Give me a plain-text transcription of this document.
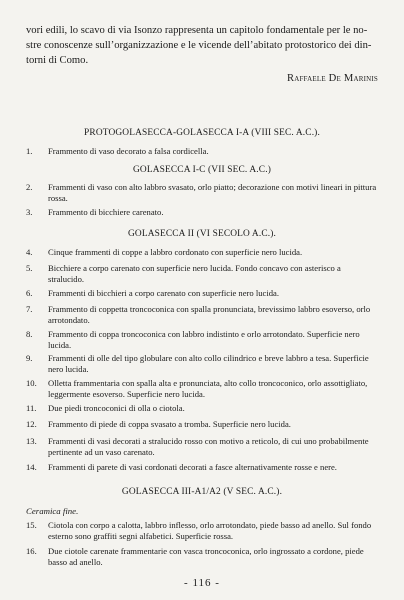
vori edili, lo scavo di via Isonzo rappresenta un capitolo fondamentale per le no-
stre conoscenze sull’organizzazione e le vicende dell’abitato protostorico dei din-
torni di Como.
Raffaele De Marinis
PROTOGOLASECCA-GOLASECCA I-A (VIII SEC. A.C.).
1.	Frammento di vaso decorato a falsa cordicella.
GOLASECCA I-C (VII SEC. A.C.)
2.	Frammenti di vaso con alto labbro svasato, orlo piatto; decorazione con motivi lineari in pittura rossa.
3.	Frammento di bicchiere carenato.
GOLASECCA II (VI SECOLO A.C.).
4.	Cinque frammenti di coppe a labbro cordonato con superficie nero lucida.
5.	Bicchiere a corpo carenato con superficie nero lucida. Fondo concavo con asterisco a stralucido.
6.	Frammenti di bicchieri a corpo carenato con superficie nero lucida.
7.	Frammento di coppetta troncoconica con spalla pronunciata, brevissimo labbro esoverso, orlo arrotondato.
8.	Frammento di coppa troncoconica con labbro indistinto e orlo arrotondato. Superficie nero lucida.
9.	Frammenti di olle del tipo globulare con alto collo cilindrico e breve labbro a tesa. Superficie nero lucida.
10.	Olletta frammentaria con spalla alta e pronunciata, alto collo troncoconico, orlo assottigliato, leggermente esoverso. Superficie nero lucida.
11.	Due piedi troncoconici di olla o ciotola.
12.	Frammento di piede di coppa svasato a tromba. Superficie nero lucida.
13.	Frammenti di vasi decorati a stralucido rosso con motivo a reticolo, di cui uno probabilmente pertinente ad un vaso carenato.
14.	Frammenti di parete di vasi cordonati decorati a fasce alternativamente rosse e nere.
GOLASECCA III-A1/A2 (V SEC. A.C.).
Ceramica fine.
15.	Ciotola con corpo a calotta, labbro inflesso, orlo arrotondato, piede basso ad anello. Sul fondo esterno sono graffiti segni alfabetici. Superficie rossa.
16.	Due ciotole carenate frammentarie con vasca troncoconica, orlo ingrossato a cordone, piede basso ad anello.
- 116 -
